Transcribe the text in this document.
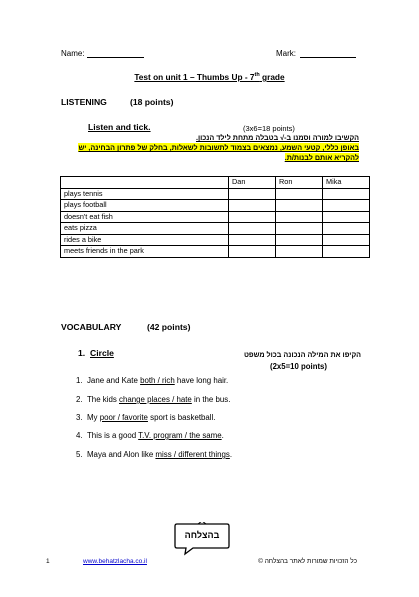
Name:	Mark:
Test on unit 1 – Thumbs Up - 7th grade
LISTENING	(18 points)
Listen and tick.	(3x6=18 points)
הקשיבו למורה וסמנו ב-√ בטבלה מתחת לילד הנכון.
באופן כללי, קטעי השמע, נמצאים בצמוד לתשובות לשאלות, בחלק של פתרון הבחינה, יש
להקריא אותם לבנות/ת.
	Dan	Ron	Mika
plays tennis			
plays football			
doesn't eat fish			
eats pizza			
rides a bike			
meets friends in the park			
VOCABULARY	(42 points)
1. Circle	הקיפו את המילה הנכונה בכול משפט
(2x5=10 points)
1. Jane and Kate both / rich have long hair.
2. The kids change places / hate in the bus.
3. My poor / favorite sport is basketball.
4. This is a good T.V. program / the same.
5. Maya and Alon like miss / different things.
בהצלחה
1	www.behatzlacha.co.il	כל הזכויות שמורות לאתר בהצלחה ©
